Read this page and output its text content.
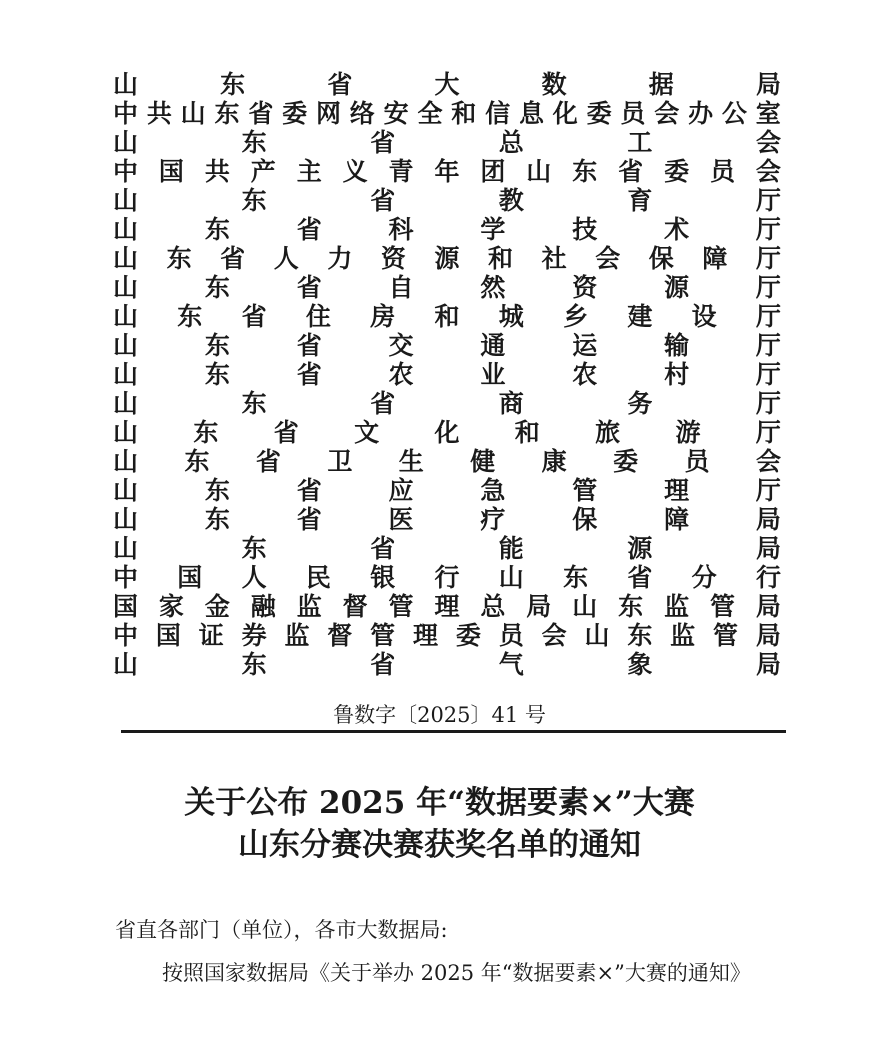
山	东	省	大	数	据	局
中 共 山 东 省 委 网 络 安 全 和 信 息 化 委 员 会 办 公 室
山	东	省	总	工	会
中 国 共 产 主 义 青 年 团 山 东 省 委 员 会
山	东	省	教	育	厅
山	东	省	科	学	技	术	厅
山 东 省 人 力 资 源 和 社 会 保 障 厅
山	东	省	自	然	资	源	厅
山 东 省 住 房 和 城 乡 建 设 厅
山	东	省	交	通	运	输	厅
山	东	省	农	业	农	村	厅
山	东	省	商	务	厅
山 东 省 文 化 和 旅 游 厅
山 东 省 卫 生 健 康 委 员 会
山	东	省	应	急	管	理	厅
山	东	省	医	疗	保	障	局
山	东	省	能	源	局
中 国 人 民 银 行 山 东 省 分 行
国 家 金 融 监 督 管 理 总 局 山 东 监 管 局
中 国 证 券 监 督 管 理 委 员 会 山 东 监 管 局
山	东	省	气	象	局
鲁数字〔2025〕41 号
关于公布 2025 年“数据要素×”大赛
山东分赛决赛获奖名单的通知
省直各部门（单位），各市大数据局:
按照国家数据局《关于举办 2025 年“数据要素×”大赛的通知》
